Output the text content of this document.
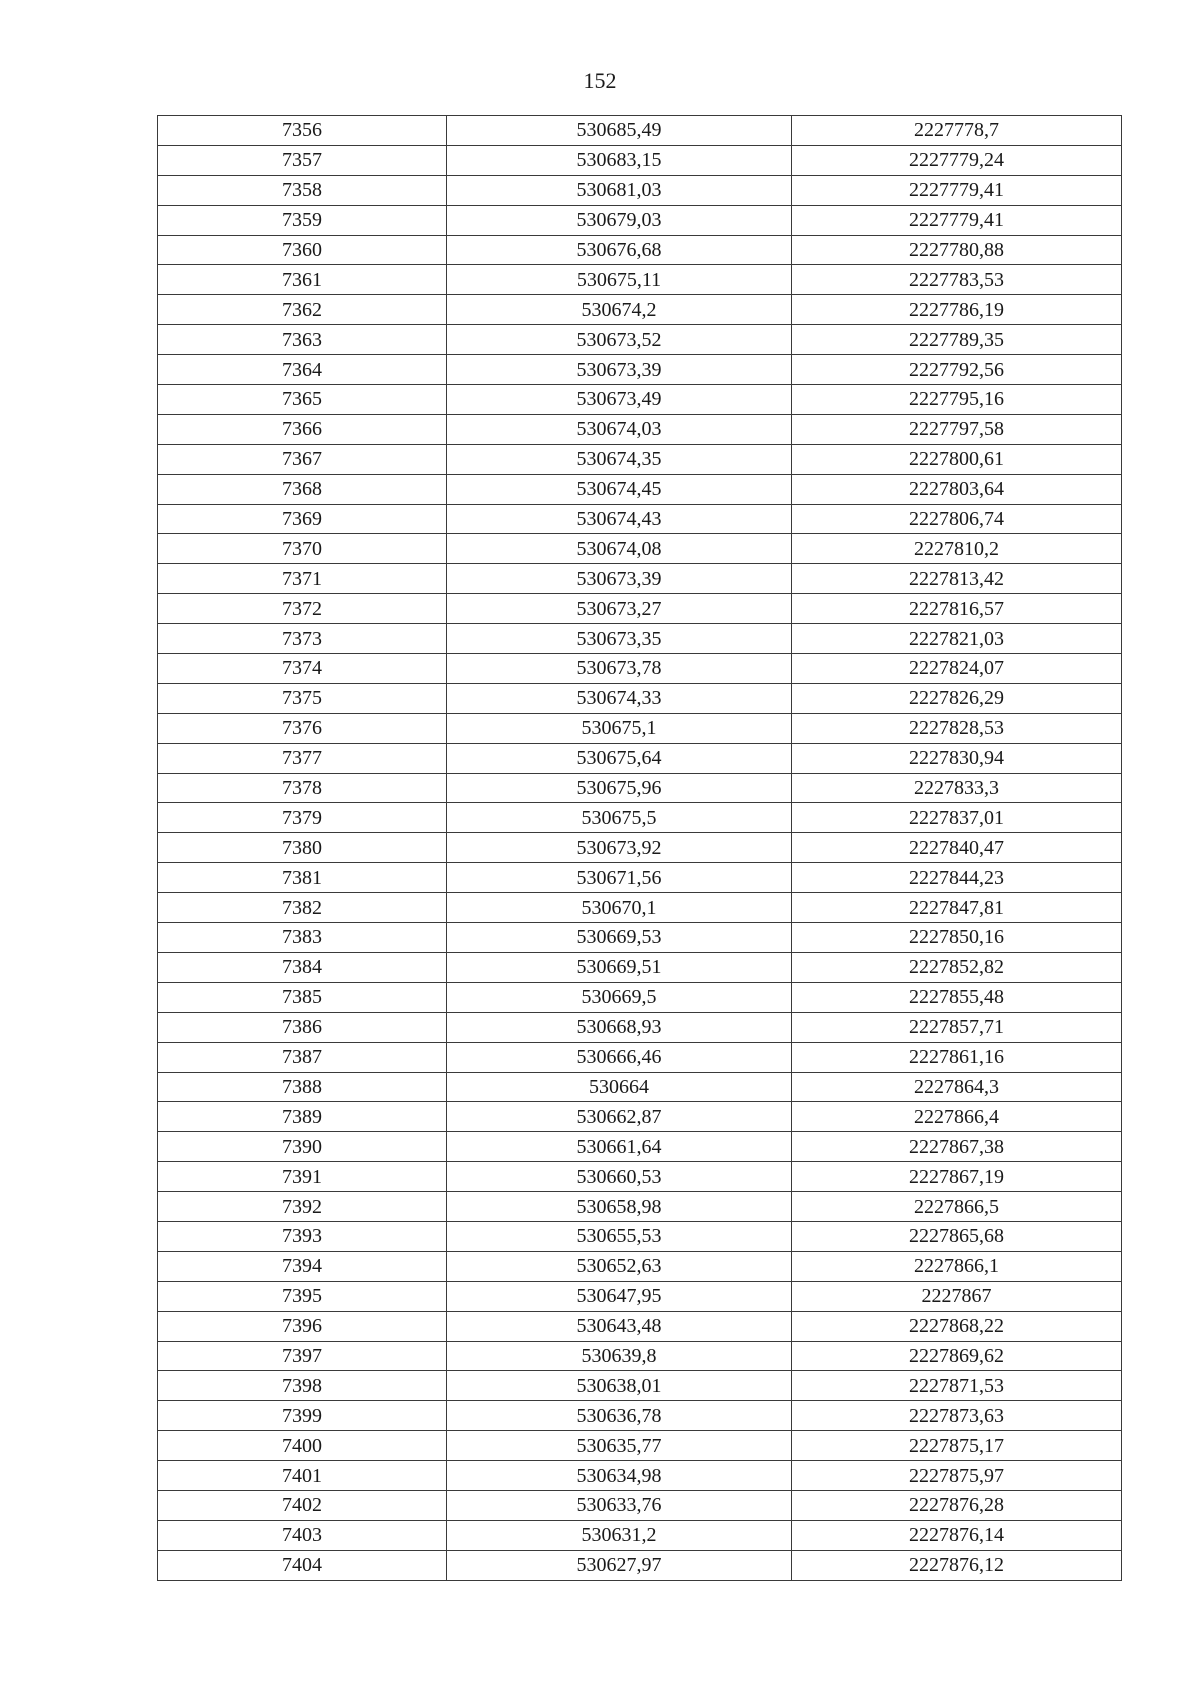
152
7356	530685,49	2227778,7
7357	530683,15	2227779,24
7358	530681,03	2227779,41
7359	530679,03	2227779,41
7360	530676,68	2227780,88
7361	530675,11	2227783,53
7362	530674,2	2227786,19
7363	530673,52	2227789,35
7364	530673,39	2227792,56
7365	530673,49	2227795,16
7366	530674,03	2227797,58
7367	530674,35	2227800,61
7368	530674,45	2227803,64
7369	530674,43	2227806,74
7370	530674,08	2227810,2
7371	530673,39	2227813,42
7372	530673,27	2227816,57
7373	530673,35	2227821,03
7374	530673,78	2227824,07
7375	530674,33	2227826,29
7376	530675,1	2227828,53
7377	530675,64	2227830,94
7378	530675,96	2227833,3
7379	530675,5	2227837,01
7380	530673,92	2227840,47
7381	530671,56	2227844,23
7382	530670,1	2227847,81
7383	530669,53	2227850,16
7384	530669,51	2227852,82
7385	530669,5	2227855,48
7386	530668,93	2227857,71
7387	530666,46	2227861,16
7388	530664	2227864,3
7389	530662,87	2227866,4
7390	530661,64	2227867,38
7391	530660,53	2227867,19
7392	530658,98	2227866,5
7393	530655,53	2227865,68
7394	530652,63	2227866,1
7395	530647,95	2227867
7396	530643,48	2227868,22
7397	530639,8	2227869,62
7398	530638,01	2227871,53
7399	530636,78	2227873,63
7400	530635,77	2227875,17
7401	530634,98	2227875,97
7402	530633,76	2227876,28
7403	530631,2	2227876,14
7404	530627,97	2227876,12
